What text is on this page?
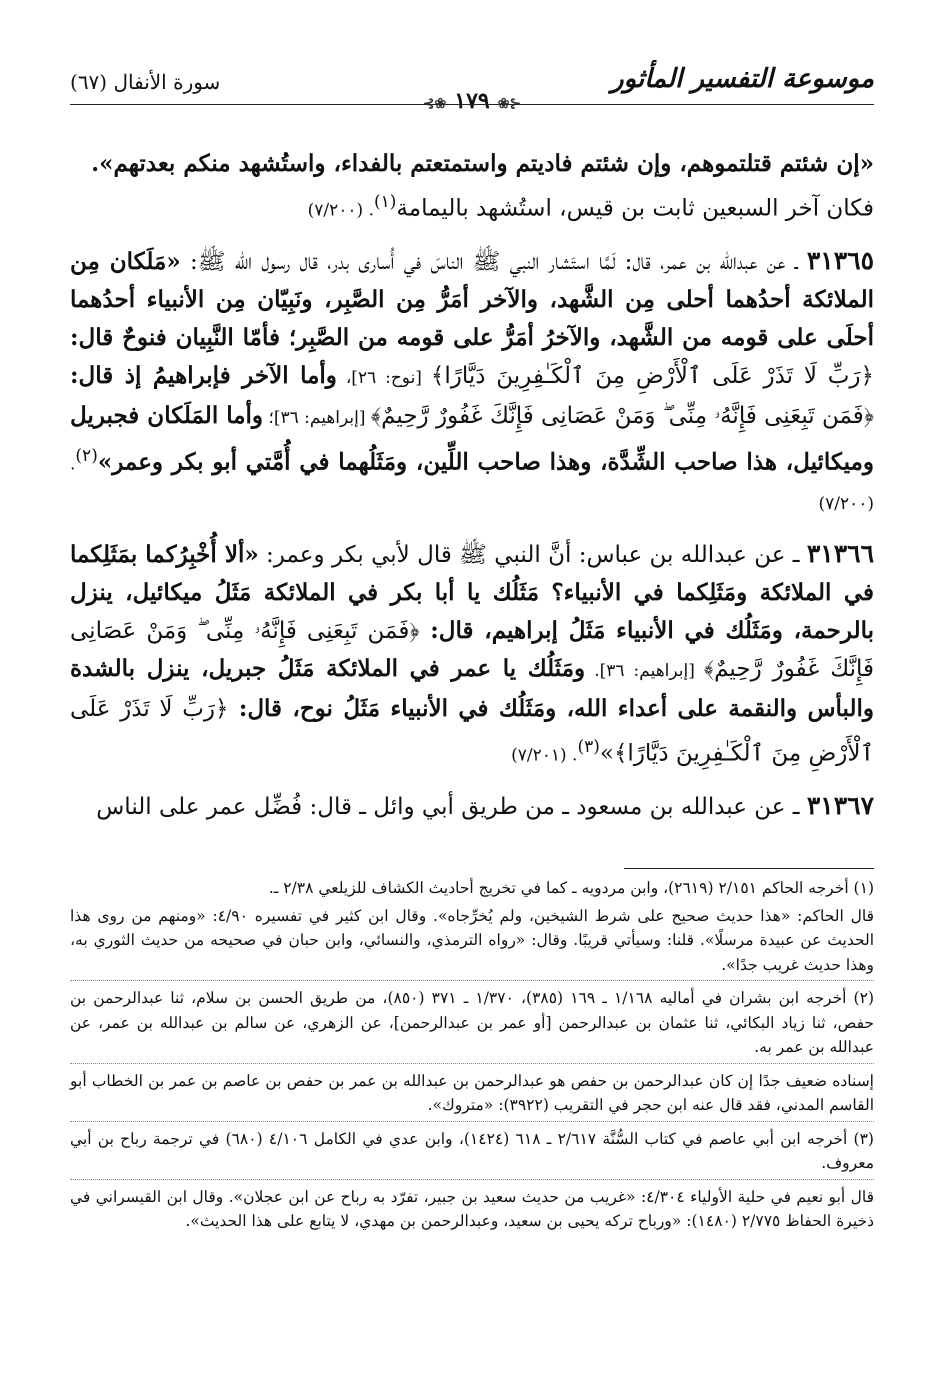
موسوعة التفسير المأثور
⊰❀١٧٩❀⊱
سورة الأنفال (٦٧)

«إن شئتم قتلتموهم، وإن شئتم فاديتم واستمتعتم بالفداء، واستُشهد منكم بعدتهم».
فكان آخر السبعين ثابت بن قيس، استُشهد باليمامة$^{(١)}$. (٧/٢٠٠)

٣١٣٦٥ ـ عن عبدالله بن عمر، قال: لَمَّا استَشار النبي ﷺ الناسَ في أُسارى بدر، قال رسول الله ﷺ: «مَلَكان مِن الملائكة أحدُهما أحلى مِن الشَّهد، والآخر أمَرُّ مِن الصَّبِر، ونَبِيّان مِن الأنبياء أحدُهما أحلَى على قومه من الشَّهد، والآخرُ أمَرُّ على قومه من الصَّبِر؛ فأمّا النَّبِيان فنوحٌ قال: ﴿رَبِّ لَا تَذَرْ عَلَى ٱلْأَرْضِ مِنَ ٱلْكَـٰفِرِينَ دَيَّارًا﴾ [نوح: ٢٦]، وأما الآخر فإبراهيمُ إذ قال: ﴿فَمَن تَبِعَنِى فَإِنَّهُۥ مِنِّى ۖ وَمَنْ عَصَانِى فَإِنَّكَ غَفُورٌ رَّحِيمٌ﴾ [إبراهيم: ٣٦]؛ وأما المَلَكان فجبريل وميكائيل، هذا صاحب الشِّدَّة، وهذا صاحب اللِّين، ومَثَلُهما في أُمَّتي أبو بكر وعمر»$^{(٢)}$. (٧/٢٠٠)

٣١٣٦٦ ـ عن عبدالله بن عباس: أنَّ النبي ﷺ قال لأبي بكر وعمر: «ألا أُخْبِرُكما بمَثَلِكما في الملائكة ومَثَلِكما في الأنبياء؟ مَثَلُك يا أبا بكر في الملائكة مَثَلُ ميكائيل، ينزل بالرحمة، ومَثَلُك في الأنبياء مَثَلُ إبراهيم، قال: ﴿فَمَن تَبِعَنِى فَإِنَّهُۥ مِنِّى ۖ وَمَنْ عَصَانِى فَإِنَّكَ غَفُورٌ رَّحِيمٌ﴾ [إبراهيم: ٣٦]. ومَثَلُك يا عمر في الملائكة مَثَلُ جبريل، ينزل بالشدة والبأس والنقمة على أعداء الله، ومَثَلُك في الأنبياء مَثَلُ نوح، قال: ﴿رَبِّ لَا تَذَرْ عَلَى ٱلْأَرْضِ مِنَ ٱلْكَـٰفِرِينَ دَيَّارًا﴾»$^{(٣)}$. (٧/٢٠١)

٣١٣٦٧ ـ عن عبدالله بن مسعود ـ من طريق أبي وائل ـ قال: فُضِّل عمر على الناس

(١) أخرجه الحاكم ٢/١٥١ (٢٦١٩)، وابن مردويه ـ كما في تخريج أحاديث الكشاف للزيلعي ٢/٣٨ ـ.

قال الحاكم: «هذا حديث صحيح على شرط الشيخين، ولم يُخرِّجاه». وقال ابن كثير في تفسيره ٤/٩٠: «ومنهم من روى هذا الحديث عن عبيدة مرسلًا». قلنا: وسيأتي قريبًا. وقال: «رواه الترمذي، والنسائي، وابن حبان في صحيحه من حديث الثوري به، وهذا حديث غريب جدًا».

(٢) أخرجه ابن بشران في أماليه ١/١٦٨ ـ ١٦٩ (٣٨٥)، ١/٣٧٠ ـ ٣٧١ (٨٥٠)، من طريق الحسن بن سلام، ثنا عبدالرحمن بن حفص، ثنا زياد البكائي، ثنا عثمان بن عبدالرحمن [أو عمر بن عبدالرحمن]، عن الزهري، عن سالم بن عبدالله بن عمر، عن عبدالله بن عمر به.

إسناده ضعيف جدًا إن كان عبدالرحمن بن حفص هو عبدالرحمن بن عبدالله بن عمر بن حفص بن عاصم بن عمر بن الخطاب أبو القاسم المدني، فقد قال عنه ابن حجر في التقريب (٣٩٢٢): «متروك».

(٣) أخرجه ابن أبي عاصم في كتاب السُّنَّة ٢/٦١٧ ـ ٦١٨ (١٤٢٤)، وابن عدي في الكامل ٤/١٠٦ (٦٨٠) في ترجمة رباح بن أبي معروف.

قال أبو نعيم في حلية الأولياء ٤/٣٠٤: «غريب من حديث سعيد بن جبير، تفرّد به رباح عن ابن عجلان». وقال ابن القيسراني في ذخيرة الحفاظ ٢/٧٧٥ (١٤٨٠): «ورباح تركه يحيى بن سعيد، وعبدالرحمن بن مهدي، لا يتابع على هذا الحديث».
